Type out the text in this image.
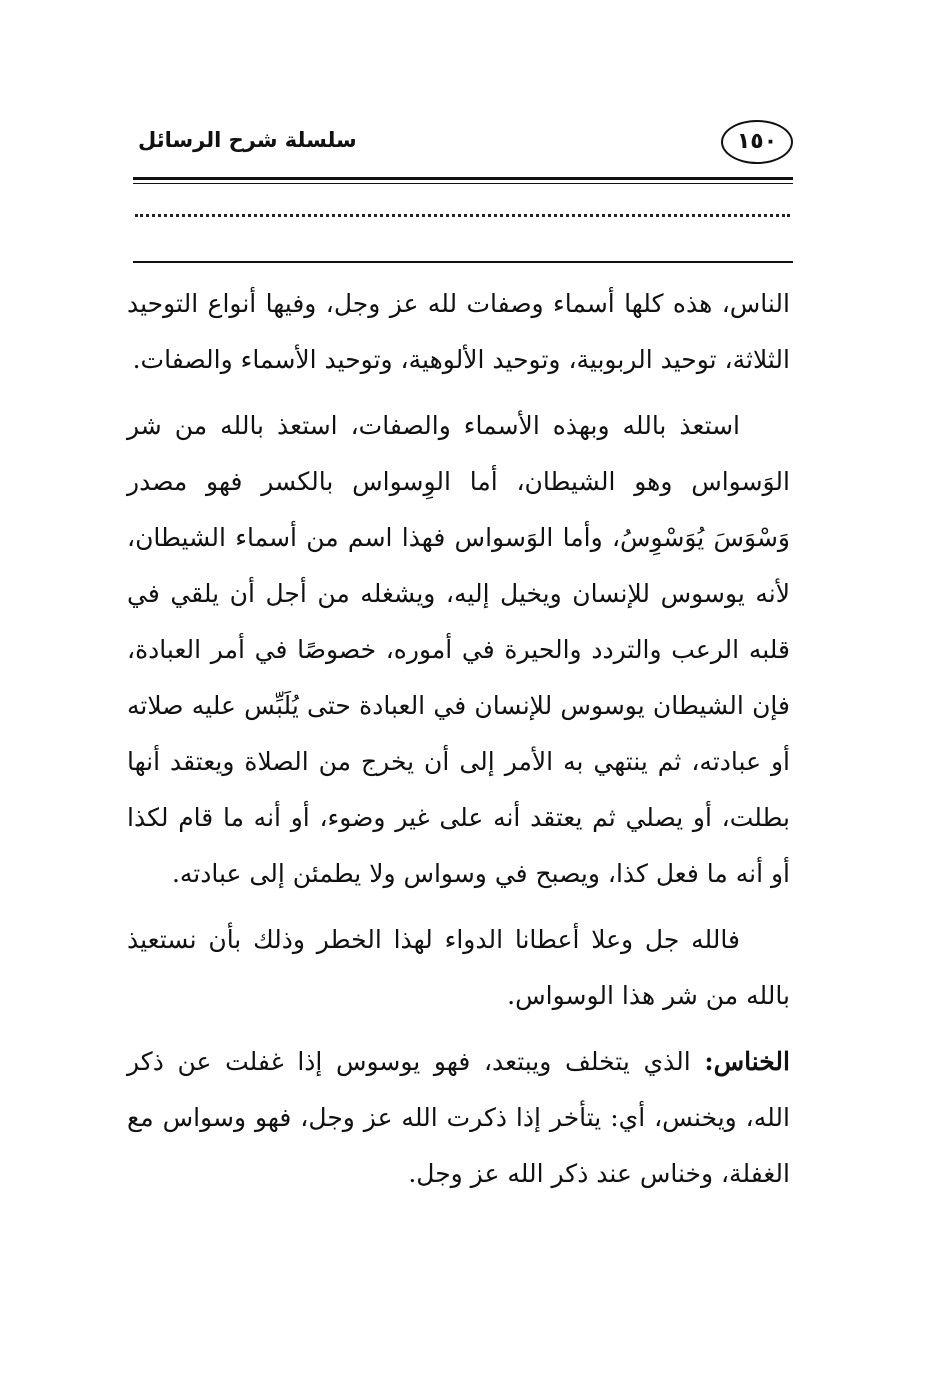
سلسلة شرح الرسائل	١٥٠

الناس، هذه كلها أسماء وصفات لله عز وجل، وفيها أنواع التوحيد الثلاثة، توحيد الربوبية، وتوحيد الألوهية، وتوحيد الأسماء والصفات.

استعذ بالله وبهذه الأسماء والصفات، استعذ بالله من شر الوَسواس وهو الشيطان، أما الوِسواس بالكسر فهو مصدر وَسْوَسَ يُوَسْوِسُ، وأما الوَسواس فهذا اسم من أسماء الشيطان، لأنه يوسوس للإنسان ويخيل إليه، ويشغله من أجل أن يلقي في قلبه الرعب والتردد والحيرة في أموره، خصوصًا في أمر العبادة، فإن الشيطان يوسوس للإنسان في العبادة حتى يُلَبِّس عليه صلاته أو عبادته، ثم ينتهي به الأمر إلى أن يخرج من الصلاة ويعتقد أنها بطلت، أو يصلي ثم يعتقد أنه على غير وضوء، أو أنه ما قام لكذا أو أنه ما فعل كذا، ويصبح في وسواس ولا يطمئن إلى عبادته.

فالله جل وعلا أعطانا الدواء لهذا الخطر وذلك بأن نستعيذ بالله من شر هذا الوسواس.

الخناس: الذي يتخلف ويبتعد، فهو يوسوس إذا غفلت عن ذكر الله، ويخنس، أي: يتأخر إذا ذكرت الله عز وجل، فهو وسواس مع الغفلة، وخناس عند ذكر الله عز وجل.
